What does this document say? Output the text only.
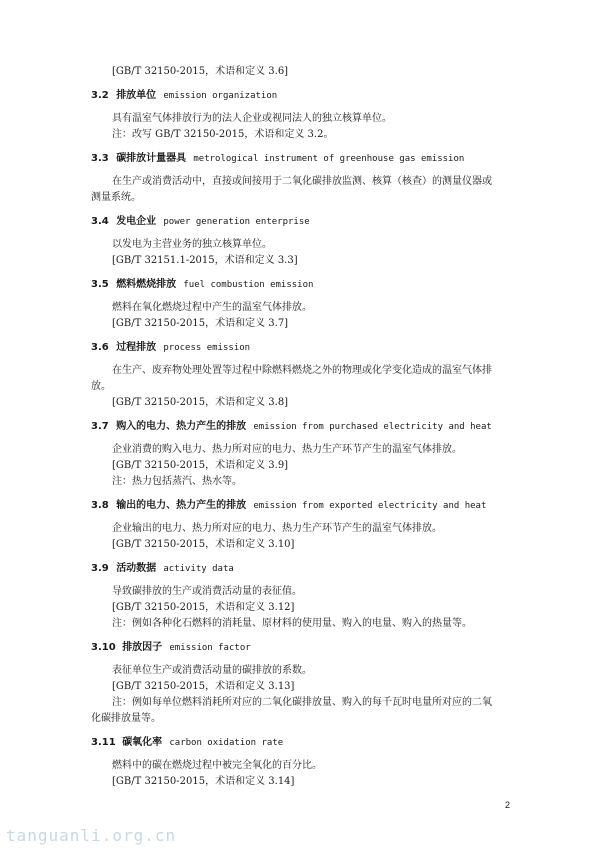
[GB/T 32150-2015，术语和定义 3.6]
3.2 排放单位 emission organization
具有温室气体排放行为的法人企业或视同法人的独立核算单位。
注：改写 GB/T 32150-2015，术语和定义 3.2。
3.3 碳排放计量器具 metrological instrument of greenhouse gas emission
在生产或消费活动中，直接或间接用于二氧化碳排放监测、核算（核查）的测量仪器或
测量系统。
3.4 发电企业 power generation enterprise
以发电为主营业务的独立核算单位。
[GB/T 32151.1-2015，术语和定义 3.3]
3.5 燃料燃烧排放 fuel combustion emission
燃料在氧化燃烧过程中产生的温室气体排放。
[GB/T 32150-2015，术语和定义 3.7]
3.6 过程排放 process emission
在生产、废弃物处理处置等过程中除燃料燃烧之外的物理或化学变化造成的温室气体排
放。
[GB/T 32150-2015，术语和定义 3.8]
3.7 购入的电力、热力产生的排放 emission from purchased electricity and heat
企业消费的购入电力、热力所对应的电力、热力生产环节产生的温室气体排放。
[GB/T 32150-2015，术语和定义 3.9]
注：热力包括蒸汽、热水等。
3.8 输出的电力、热力产生的排放 emission from exported electricity and heat
企业输出的电力、热力所对应的电力、热力生产环节产生的温室气体排放。
[GB/T 32150-2015，术语和定义 3.10]
3.9 活动数据 activity data
导致碳排放的生产或消费活动量的表征值。
[GB/T 32150-2015，术语和定义 3.12]
注：例如各种化石燃料的消耗量、原材料的使用量、购入的电量、购入的热量等。
3.10 排放因子 emission factor
表征单位生产或消费活动量的碳排放的系数。
[GB/T 32150-2015，术语和定义 3.13]
注：例如每单位燃料消耗所对应的二氧化碳排放量、购入的每千瓦时电量所对应的二氧
化碳排放量等。
3.11 碳氧化率 carbon oxidation rate
燃料中的碳在燃烧过程中被完全氧化的百分比。
[GB/T 32150-2015，术语和定义 3.14]
2
tanguanli.org.cn
